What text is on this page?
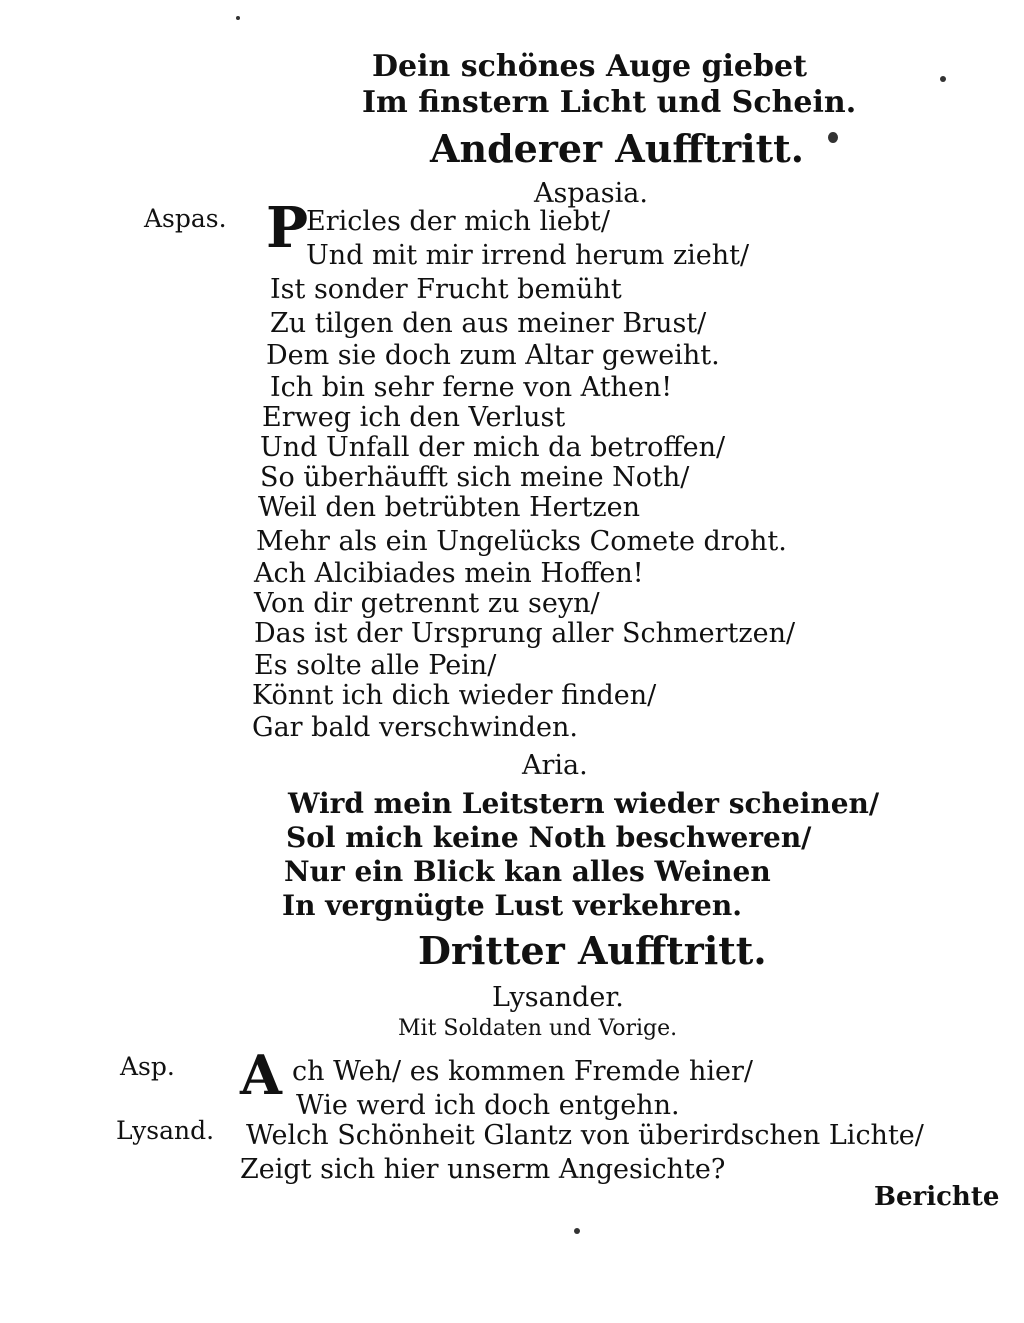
Dein schönes Auge giebet
Im finstern Licht und Schein.
Anderer Aufftritt.
Aspasia.
Aspas. P
Ericles der mich liebt/
Und mit mir irrend herum zieht/
Ist sonder Frucht bemüht
Zu tilgen den aus meiner Brust/
Dem sie doch zum Altar geweiht.
Ich bin sehr ferne von Athen!
Erweg ich den Verlust
Und Unfall der mich da betroffen/
So überhäufft sich meine Noth/
Weil den betrübten Hertzen
Mehr als ein Ungelücks Comete droht.
Ach Alcibiades mein Hoffen!
Von dir getrennt zu seyn/
Das ist der Ursprung aller Schmertzen/
Es solte alle Pein/
Könnt ich dich wieder finden/
Gar bald verschwinden.
Aria.
Wird mein Leitstern wieder scheinen/
Sol mich keine Noth beschweren/
Nur ein Blick kan alles Weinen
In vergnügte Lust verkehren.
Dritter Aufftritt.
Lysander.
Mit Soldaten und Vorige.
Asp. A ch Weh/ es kommen Fremde hier/
Wie werd ich doch entgehn.
Lysand. Welch Schönheit Glantz von überirdschen Lichte/
Zeigt sich hier unserm Angesichte?
Berichte
